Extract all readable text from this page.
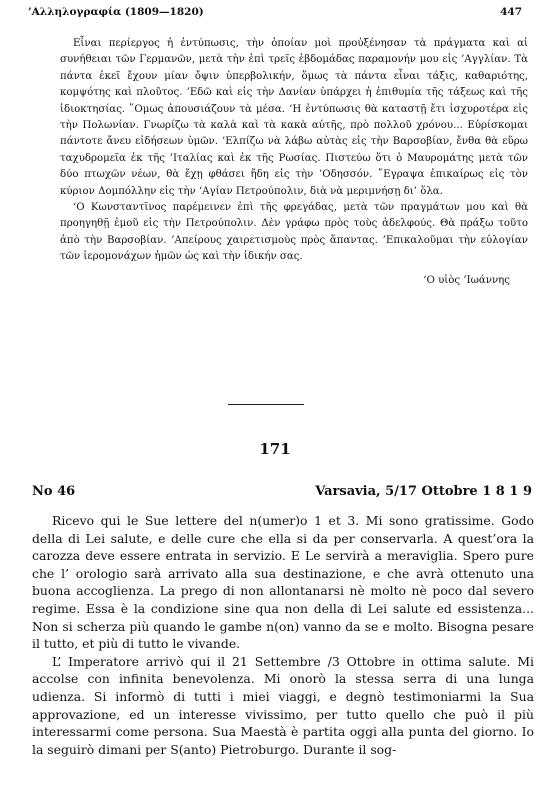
’Αλληλογραφία (1809—1820)	447

Εἶναι περίεργος ἡ ἐντύπωσις, τὴν ὁποίαν μοὶ προὐξένησαν τὰ πράγματα καὶ αἱ συνήθειαι τῶν Γερμανῶν, μετὰ τὴν ἐπὶ τρεῖς ἑβδομάδας παραμονήν μου εἰς ’Αγγλίαν. Τὰ πάντα ἐκεῖ ἔχουν μίαν ὄψιν ὑπερβολικήν, ὅμως τὰ πάντα εἶναι τάξις, καθαριότης, κομψότης καὶ πλοῦτος. ’Εδῶ καὶ εἰς τὴν Δανίαν ὑπάρχει ἡ ἐπιθυμία τῆς τάξεως καὶ τῆς ἰδιοκτησίας. ῞Ομως ἀπουσιάζουν τὰ μέσα. ‘Η ἐντύπωσις θὰ καταστῇ ἔτι ἰσχυροτέρα εἰς τὴν Πολωνίαν. Γνωρίζω τὰ καλὰ καὶ τὰ κακὰ αὐτῆς, πρὸ πολλοῦ χρόνου... Εὑρίσκομαι πάντοτε ἄνευ εἰδήσεων ὑμῶν. ’Ελπίζω νὰ λάβω αὐτὰς εἰς τὴν Βαρσοβίαν, ἔνθα θὰ εὕρω ταχυδρομεῖα ἐκ τῆς ’Ιταλίας καὶ ἐκ τῆς Ρωσίας. Πιστεύω ὅτι ὁ Μαυρομάτης μετὰ τῶν δύο πτωχῶν νέων, θὰ ἔχῃ φθάσει ἤδη εἰς τὴν ’Οδησσόν. ῎Εγραψα ἐπικαίρως εἰς τὸν κύριον Δομπόλλην εἰς τὴν ‘Αγίαν Πετρούπολιν, διὰ νὰ μεριμνήσῃ δι’ ὅλα.

‘Ο Κωνσταντῖνος παρέμεινεν ἐπὶ τῆς φρεγάδας, μετὰ τῶν πραγμάτων μου καὶ θὰ προηγηθῇ ἐμοῦ εἰς τὴν Πετρούπολιν. Δὲν γράφω πρὸς τοὺς ἀδελφούς. Θὰ πράξω τοῦτο ἀπὸ τὴν Βαρσοβίαν. ’Απείρους χαιρετισμοὺς πρὸς ἅπαντας. ’Επικαλοῦμαι τὴν εὐλογίαν τῶν ἱερομονάχων ἡμῶν ὡς καὶ τὴν ἰδικήν σας.

‘Ο υἱὸς ’Ιωάννης

171
No 46	Varsavia, 5/17 Ottobre 1 8 1 9

Ricevo qui le Sue lettere del n(umer)o 1 et 3. Mi sono gratissime. Godo della di Lei salute, e delle cure che ella si da per conservarla. A quest’ora la carozza deve essere entrata in servizio. E Le servirà a meraviglia. Spero pure che l’ orologio sarà arrivato alla sua destinazione, e che avrà ottenuto una buona accoglienza. La prego di non allontanarsi nè molto nè poco dal severo regime. Essa è la condizione sine qua non della di Lei salute ed essistenza... Non si scherza più quando le gambe n(on) vanno da se e molto. Bisogna pesare il tutto, et più di tutto le vivande.

L’ Imperatore arrivò qui il 21 Settembre /3 Ottobre in ottima salute. Mi accolse con infinita benevolenza. Mi onorò la stessa serra di una lunga udienza. Si informò di tutti i miei viaggi, e degnò testimoniarmi la Sua approvazione, ed un interesse vivissimo, per tutto quello che può il più interessarmi come persona. Sua Maestà è partita oggi alla punta del giorno. Io la seguirò dimani per S(anto) Pietroburgo. Durante il sog-
